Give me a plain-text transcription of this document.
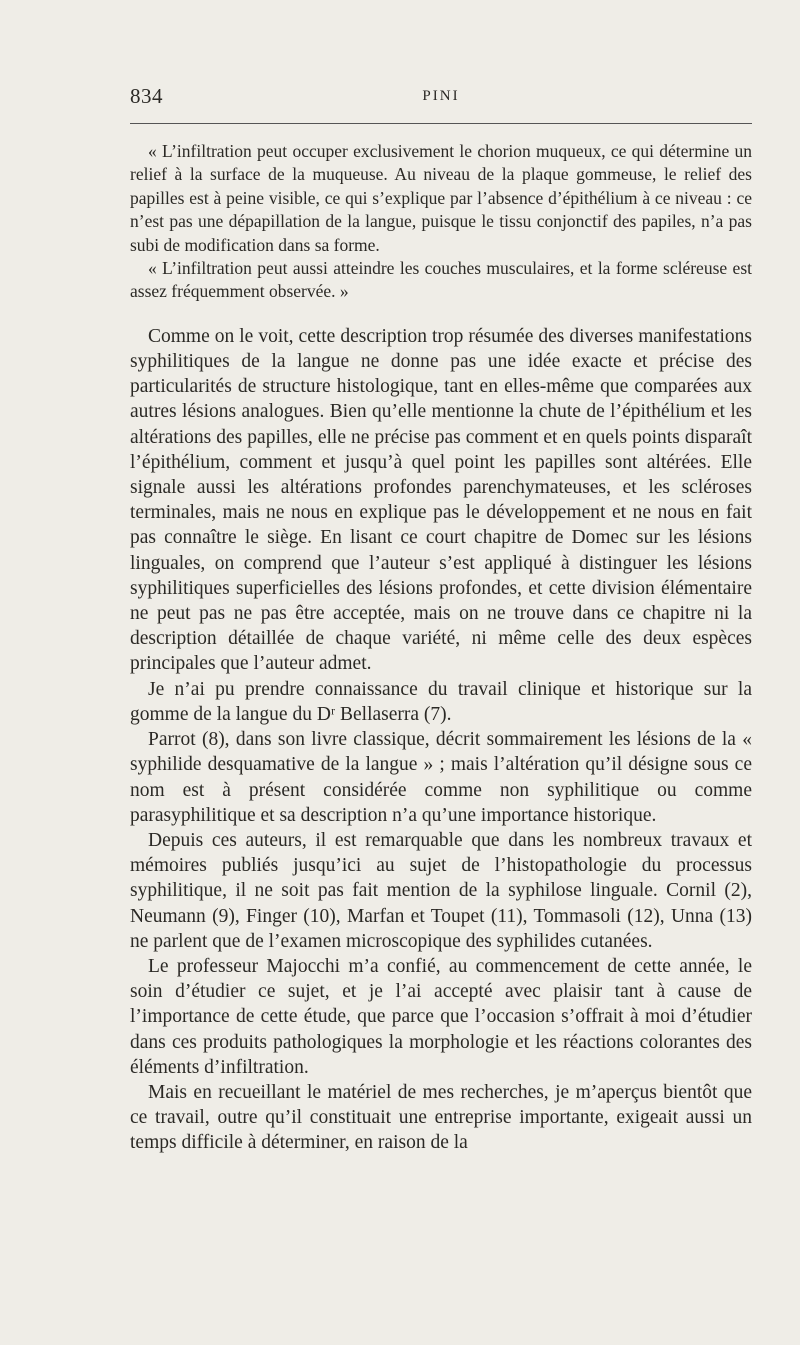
834	PINI

« L’infiltration peut occuper exclusivement le chorion muqueux, ce qui détermine un relief à la surface de la muqueuse. Au niveau de la plaque gommeuse, le relief des papilles est à peine visible, ce qui s’explique par l’absence d’épithélium à ce niveau : ce n’est pas une dépapillation de la langue, puisque le tissu conjonctif des papiles, n’a pas subi de modification dans sa forme.

« L’infiltration peut aussi atteindre les couches musculaires, et la forme scléreuse est assez fréquemment observée. »

Comme on le voit, cette description trop résumée des diverses manifestations syphilitiques de la langue ne donne pas une idée exacte et précise des particularités de structure histologique, tant en elles-même que comparées aux autres lésions analogues. Bien qu’elle mentionne la chute de l’épithélium et les altérations des papilles, elle ne précise pas comment et en quels points disparaît l’épithélium, comment et jusqu’à quel point les papilles sont altérées. Elle signale aussi les altérations profondes parenchymateuses, et les scléroses terminales, mais ne nous en explique pas le développement et ne nous en fait pas connaître le siège. En lisant ce court chapitre de Domec sur les lésions linguales, on comprend que l’auteur s’est appliqué à distinguer les lésions syphilitiques superficielles des lésions profondes, et cette division élémentaire ne peut pas ne pas être acceptée, mais on ne trouve dans ce chapitre ni la description détaillée de chaque variété, ni même celle des deux espèces principales que l’auteur admet.

Je n’ai pu prendre connaissance du travail clinique et historique sur la gomme de la langue du Dʳ Bellaserra (7).

Parrot (8), dans son livre classique, décrit sommairement les lésions de la « syphilide desquamative de la langue » ; mais l’altération qu’il désigne sous ce nom est à présent considérée comme non syphilitique ou comme parasyphilitique et sa description n’a qu’une importance historique.

Depuis ces auteurs, il est remarquable que dans les nombreux travaux et mémoires publiés jusqu’ici au sujet de l’histopathologie du processus syphilitique, il ne soit pas fait mention de la syphilose linguale. Cornil (2), Neumann (9), Finger (10), Marfan et Toupet (11), Tommasoli (12), Unna (13) ne parlent que de l’examen microscopique des syphilides cutanées.

Le professeur Majocchi m’a confié, au commencement de cette année, le soin d’étudier ce sujet, et je l’ai accepté avec plaisir tant à cause de l’importance de cette étude, que parce que l’occasion s’offrait à moi d’étudier dans ces produits pathologiques la morphologie et les réactions colorantes des éléments d’infiltration.

Mais en recueillant le matériel de mes recherches, je m’aperçus bientôt que ce travail, outre qu’il constituait une entreprise importante, exigeait aussi un temps difficile à déterminer, en raison de la
